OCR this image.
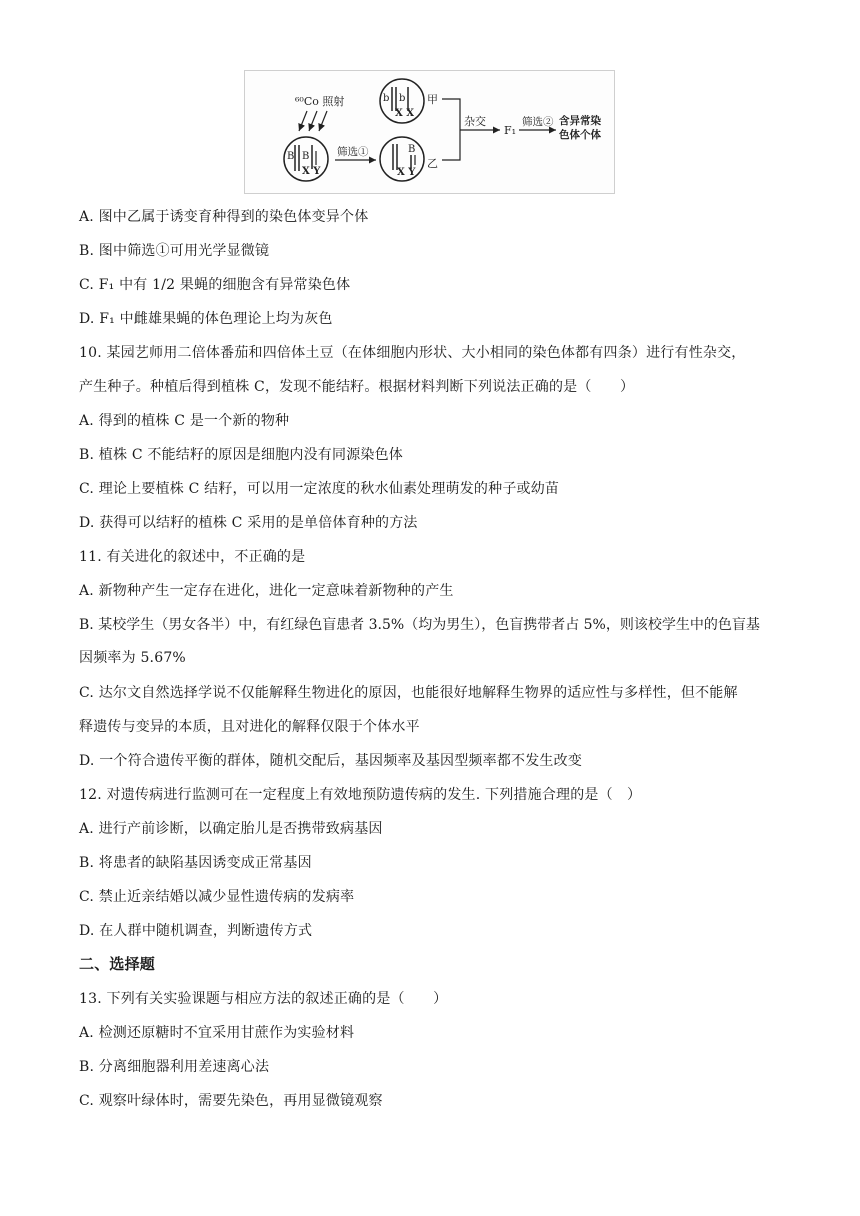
⁶⁰Co 照射
B B
X Y
筛选①	B
X Y
乙
b b
X X
甲
杂交
F₁
筛选② 含异常染
色体个体
A. 图中乙属于诱变育种得到的染色体变异个体
B. 图中筛选①可用光学显微镜
C. F₁ 中有 1/2 果蝇的细胞含有异常染色体
D. F₁ 中雌雄果蝇的体色理论上均为灰色
10. 某园艺师用二倍体番茄和四倍体土豆（在体细胞内形状、大小相同的染色体都有四条）进行有性杂交，
产生种子。种植后得到植株 C，发现不能结籽。根据材料判断下列说法正确的是（　　）
A. 得到的植株 C 是一个新的物种
B. 植株 C 不能结籽的原因是细胞内没有同源染色体
C. 理论上要植株 C 结籽，可以用一定浓度的秋水仙素处理萌发的种子或幼苗
D. 获得可以结籽的植株 C 采用的是单倍体育种的方法
11. 有关进化的叙述中，不正确的是
A. 新物种产生一定存在进化，进化一定意味着新物种的产生
B. 某校学生（男女各半）中，有红绿色盲患者 3.5%（均为男生），色盲携带者占 5%，则该校学生中的色盲基
因频率为 5.67%
C. 达尔文自然选择学说不仅能解释生物进化的原因，也能很好地解释生物界的适应性与多样性，但不能解
释遗传与变异的本质，且对进化的解释仅限于个体水平
D. 一个符合遗传平衡的群体，随机交配后，基因频率及基因型频率都不发生改变
12. 对遗传病进行监测可在一定程度上有效地预防遗传病的发生. 下列措施合理的是（　）
A. 进行产前诊断，以确定胎儿是否携带致病基因
B. 将患者的缺陷基因诱变成正常基因
C. 禁止近亲结婚以减少显性遗传病的发病率
D. 在人群中随机调查，判断遗传方式
二、选择题
13. 下列有关实验课题与相应方法的叙述正确的是（　　）
A. 检测还原糖时不宜采用甘蔗作为实验材料
B. 分离细胞器利用差速离心法
C. 观察叶绿体时，需要先染色，再用显微镜观察
